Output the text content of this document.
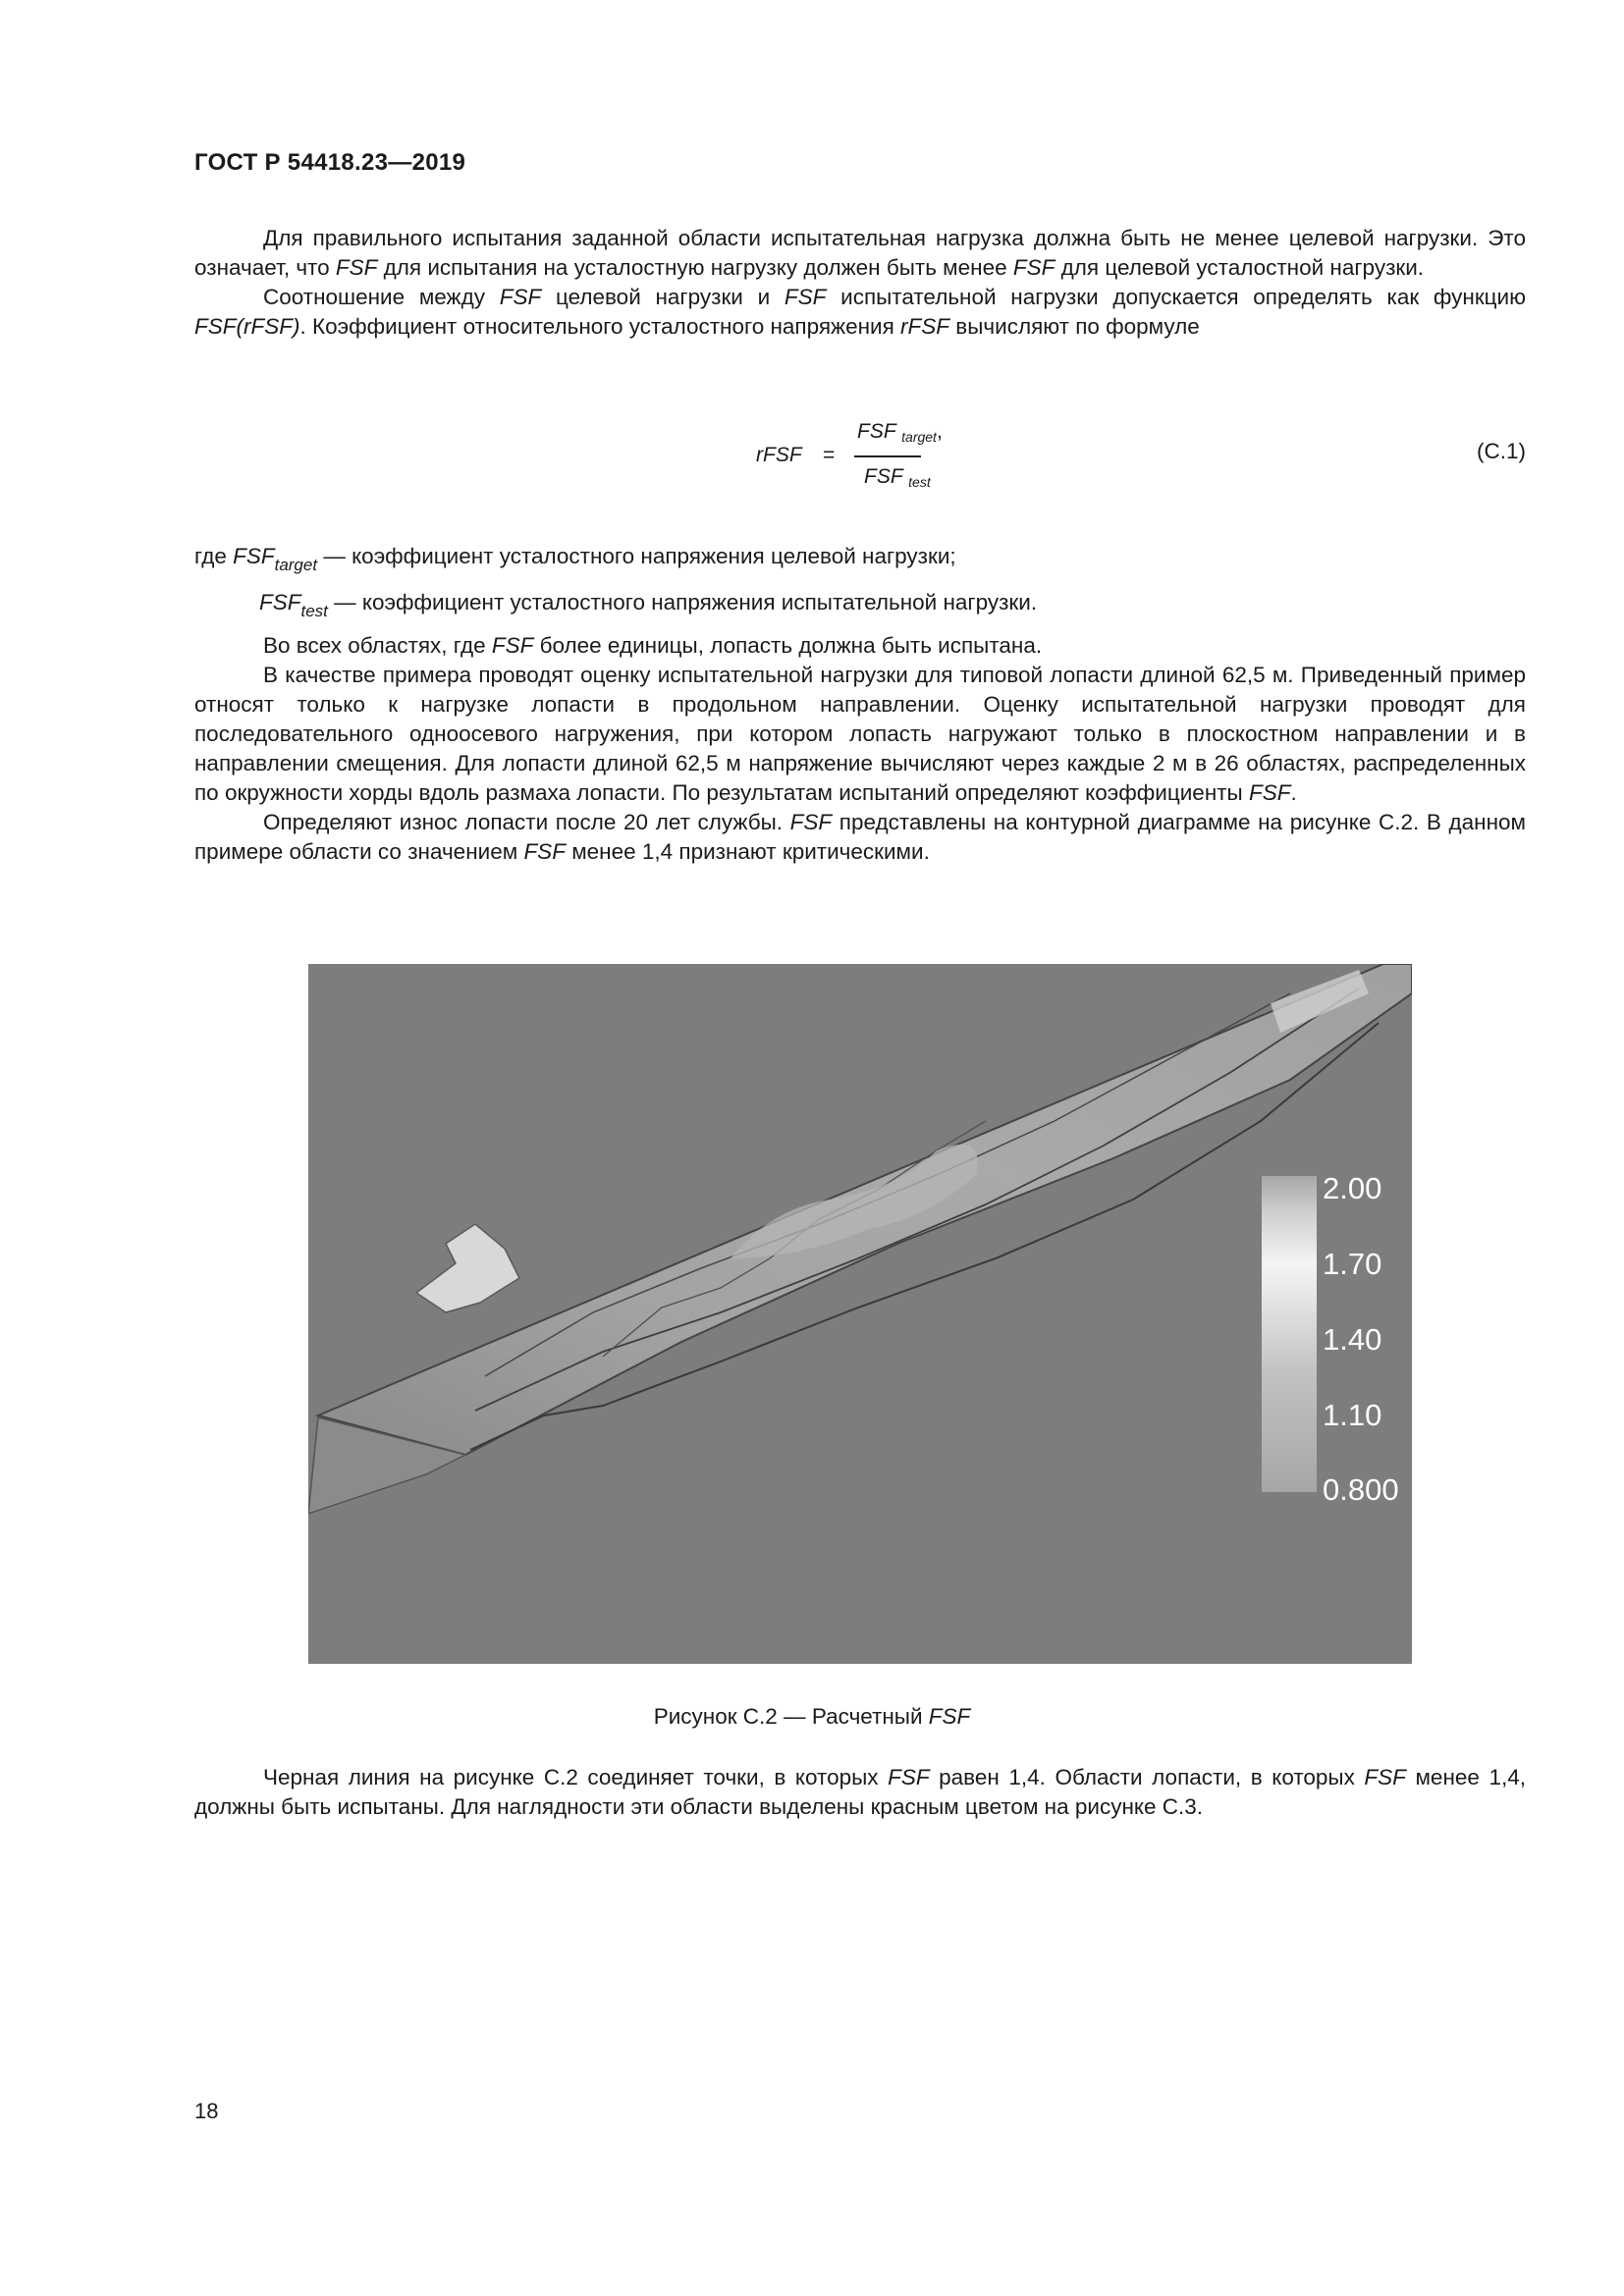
ГОСТ Р 54418.23—2019

Для правильного испытания заданной области испытательная нагрузка должна быть не менее целевой нагрузки. Это означает, что FSF для испытания на усталостную нагрузку должен быть менее FSF для целевой усталостной нагрузки.

Соотношение между FSF целевой нагрузки и FSF испытательной нагрузки допускается определять как функцию FSF(rFSF). Коэффициент относительного усталостного напряжения rFSF вычисляют по формуле

rFSF =
FSF $_{target}$,
FSF $_{test}$
(С.1)
где $FSF_{target}$ — коэффициент усталостного напряжения целевой нагрузки;
$FSF_{test}$ — коэффициент усталостного напряжения испытательной нагрузки.

Во всех областях, где FSF более единицы, лопасть должна быть испытана.

В качестве примера проводят оценку испытательной нагрузки для типовой лопасти длиной 62,5 м. Приведенный пример относят только к нагрузке лопасти в продольном направлении. Оценку испытательной нагрузки проводят для последовательного одноосевого нагружения, при котором лопасть нагружают только в плоскостном направлении и в направлении смещения. Для лопасти длиной 62,5 м напряжение вычисляют через каждые 2 м в 26 областях, распределенных по окружности хорды вдоль размаха лопасти. По результатам испытаний определяют коэффициенты FSF.

Определяют износ лопасти после 20 лет службы. FSF представлены на контурной диаграмме на рисунке С.2. В данном примере области со значением FSF менее 1,4 признают критическими.

2.00
1.70
1.40
1.10
0.800
Рисунок С.2 — Расчетный FSF

Черная линия на рисунке С.2 соединяет точки, в которых FSF равен 1,4. Области лопасти, в которых FSF менее 1,4, должны быть испытаны. Для наглядности эти области выделены красным цветом на рисунке С.3.

18
